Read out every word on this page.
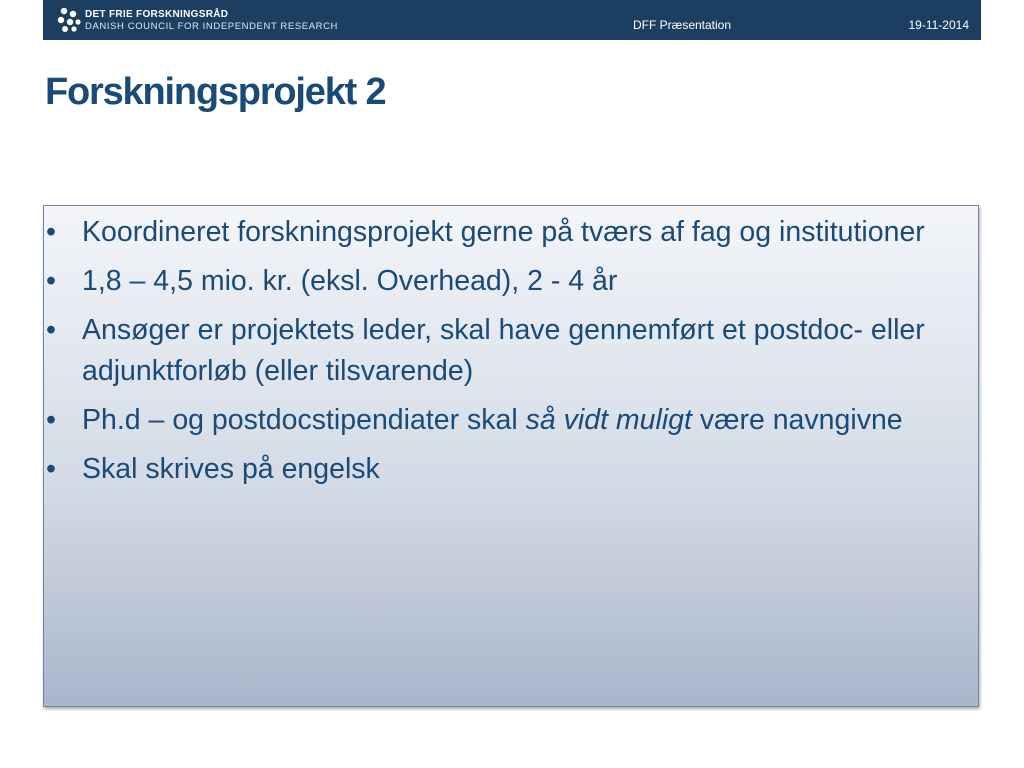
DET FRIE FORSKNINGSRÅD
DANISH COUNCIL FOR INDEPENDENT RESEARCH	DFF Præsentation	19-11-2014
Forskningsprojekt 2
• Koordineret forskningsprojekt gerne på tværs af fag og institutioner
• 1,8 – 4,5 mio. kr. (eksl. Overhead), 2 - 4 år
• Ansøger er projektets leder, skal have gennemført et postdoc- eller adjunktforløb (eller tilsvarende)
• Ph.d – og postdocstipendiater skal så vidt muligt være navngivne
• Skal skrives på engelsk
